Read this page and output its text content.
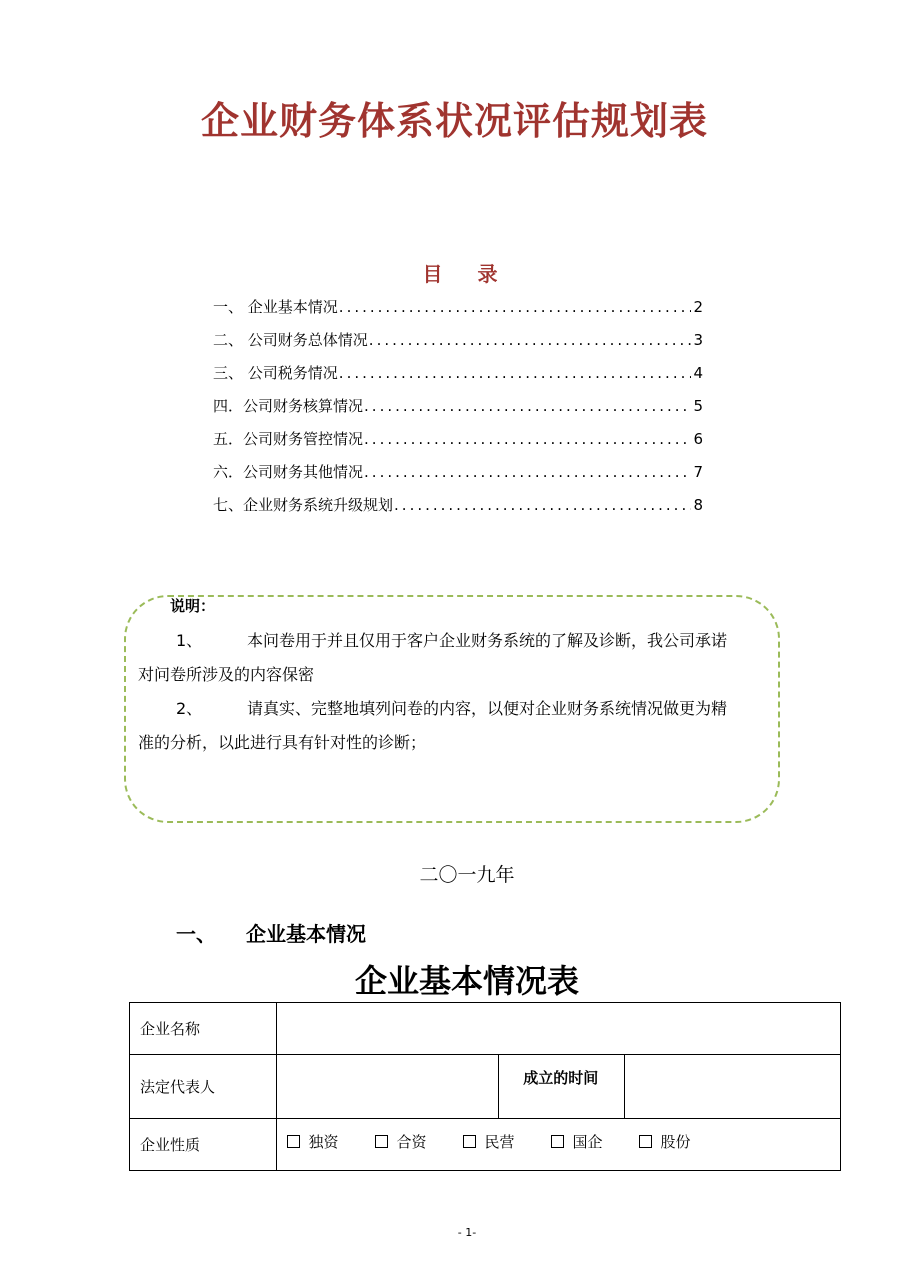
企业财务体系状况评估规划表
目 录
一、 企业基本情况 .....	2
二、 公司财务总体情况 .....	3
三、 公司税务情况 .....	4
四． 公司财务核算情况 .....	5
五． 公司财务管控情况 .....	6
六． 公司财务其他情况 .....	7
七、 企业财务系统升级规划 .....	8
说明：
1、	本问卷用于并且仅用于客户企业财务系统的了解及诊断，我公司承诺
对问卷所涉及的内容保密
2、	请真实、完整地填列问卷的内容，以便对企业财务系统情况做更为精
准的分析，以此进行具有针对性的诊断；
二〇一九年
一、 企业基本情况
企业基本情况表
企业名称			
法定代表人		成立的时间	
企业性质	独资 合资 民营 国企 股份		
- 1-
